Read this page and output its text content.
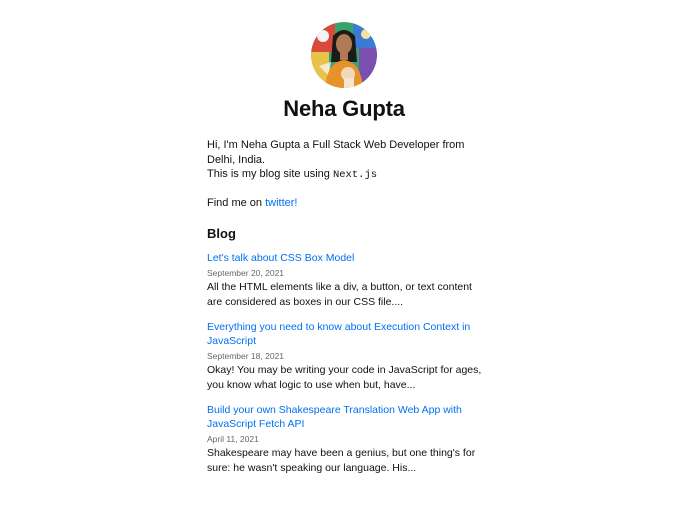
Neha Gupta

Hi, I'm Neha Gupta a Full Stack Web Developer from Delhi, India.
This is my blog site using Next.js

Find me on twitter!

Blog
Let's talk about CSS Box Model
September 20, 2021
All the HTML elements like a div, a button, or text content are considered as boxes in our CSS file....
Everything you need to know about Execution Context in JavaScript
September 18, 2021
Okay! You may be writing your code in JavaScript for ages, you know what logic to use when but, have...
Build your own Shakespeare Translation Web App with JavaScript Fetch API
April 11, 2021
Shakespeare may have been a genius, but one thing's for sure: he wasn't speaking our language. His...
